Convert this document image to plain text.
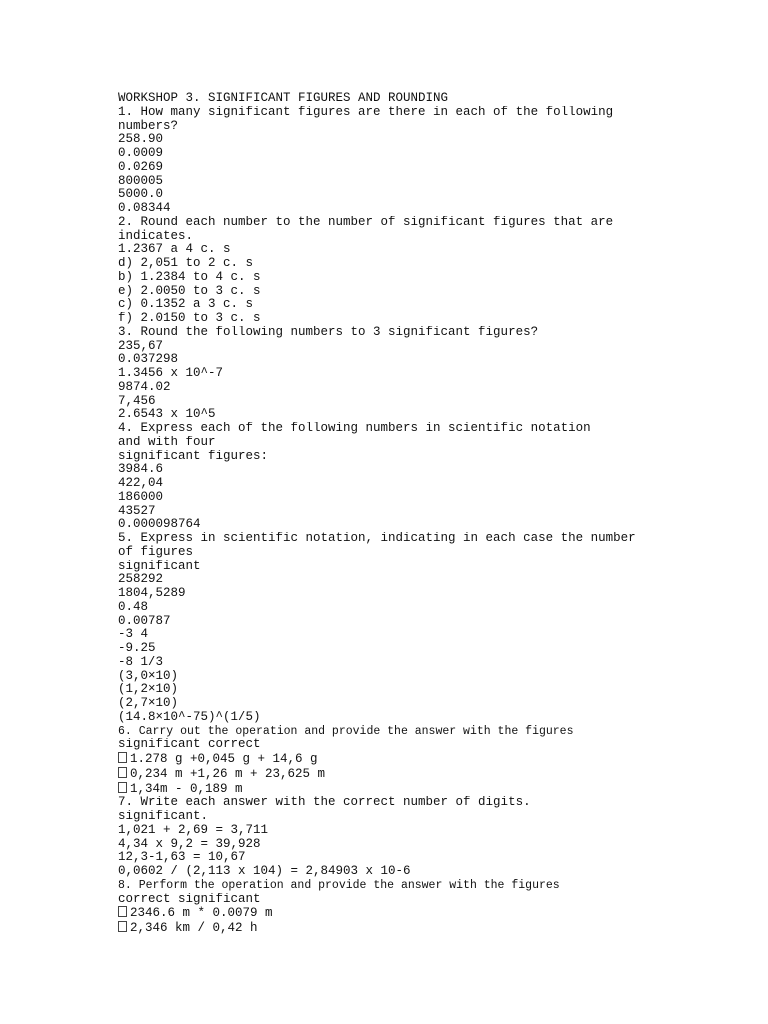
WORKSHOP 3. SIGNIFICANT FIGURES AND ROUNDING
1. How many significant figures are there in each of the following numbers?
258.90
0.0009
0.0269
800005
5000.0
0.08344
2. Round each number to the number of significant figures that are indicates.
1.2367 a 4 c. s
d) 2,051 to 2 c. s
b) 1.2384 to 4 c. s
e) 2.0050 to 3 c. s
c) 0.1352 a 3 c. s
f) 2.0150 to 3 c. s
3. Round the following numbers to 3 significant figures?
235,67
0.037298
1.3456 x 10^-7
9874.02
7,456
2.6543 x 10^5
4. Express each of the following numbers in scientific notation
and with four
significant figures:
3984.6
422,04
186000
43527
0.000098764
5. Express in scientific notation, indicating in each case the number of figures
significant
258292
1804,5289
0.48
0.00787
-3 4
-9.25
-8 1/3
(3,0×10)
(1,2×10)
(2,7×10)
(14.8×10^-75)^(1/5)
6. Carry out the operation and provide the answer with the figures
significant correct
1.278 g +0,045 g + 14,6 g
0,234 m +1,26 m + 23,625 m
1,34m - 0,189 m
7. Write each answer with the correct number of digits.
significant.
1,021 + 2,69 = 3,711
4,34 x 9,2 = 39,928
12,3-1,63 = 10,67
0,0602 / (2,113 x 104) = 2,84903 x 10-6
8. Perform the operation and provide the answer with the figures
correct significant
2346.6 m * 0.0079 m
2,346 km / 0,42 h
